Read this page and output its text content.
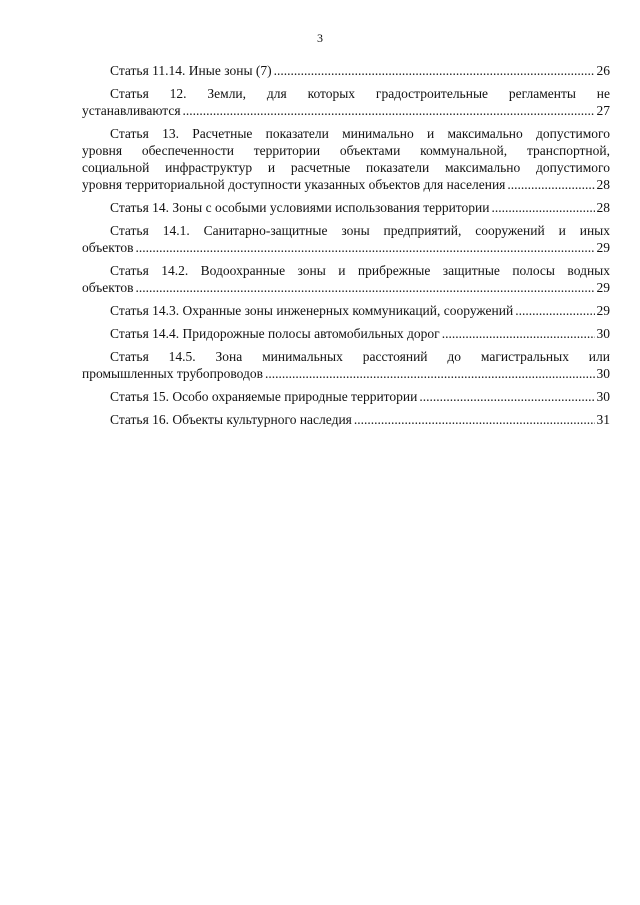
3
Статья 11.14. Иные зоны (7) .....	26
Статья 12. Земли, для которых градостроительные регламенты не
устанавливаются .....	27
Статья 13. Расчетные показатели минимально и максимально допустимого
уровня обеспеченности территории объектами коммунальной, транспортной,
социальной инфраструктур и расчетные показатели максимально допустимого
уровня территориальной доступности указанных объектов для населения .....	28
Статья 14. Зоны с особыми условиями использования территории .....	28
Статья 14.1. Санитарно-защитные зоны предприятий, сооружений и иных
объектов .....	29
Статья 14.2. Водоохранные зоны и прибрежные защитные полосы водных
объектов .....	29
Статья 14.3. Охранные зоны инженерных коммуникаций, сооружений .....	29
Статья 14.4. Придорожные полосы автомобильных дорог .....	30
Статья 14.5. Зона минимальных расстояний до магистральных или
промышленных трубопроводов .....	30
Статья 15. Особо охраняемые природные территории .....	30
Статья 16. Объекты культурного наследия .....	31
